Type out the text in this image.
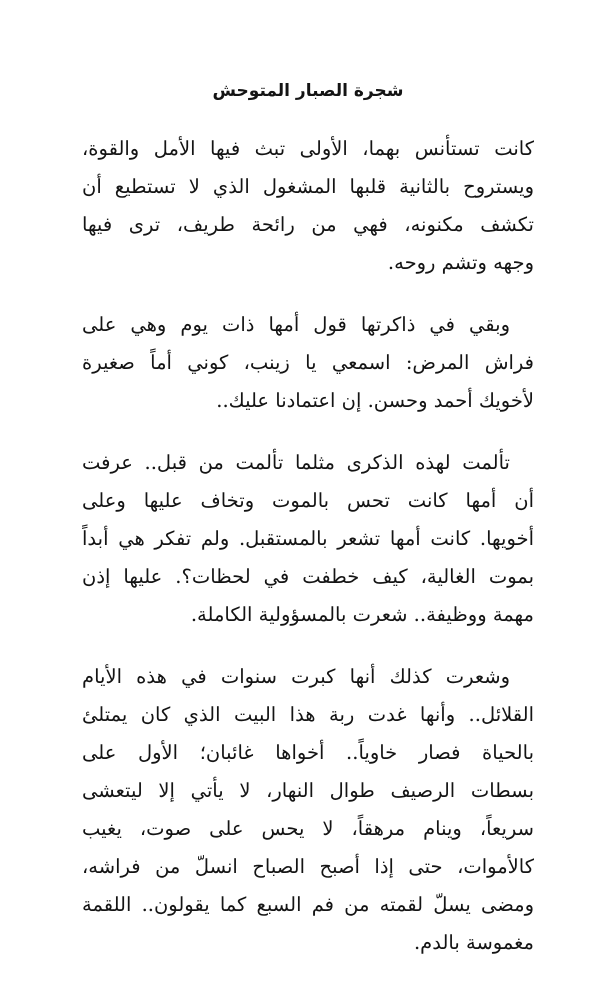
شجرة الصبار المتوحش

كانت تستأنس بهما، الأولى تبث فيها الأمل والقوة،
ويستروح بالثانية قلبها المشغول الذي لا تستطيع أن
تكشف مكنونه، فهي من رائحة طريف، ترى فيها
وجهه وتشم روحه.

وبقي في ذاكرتها قول أمها ذات يوم وهي على
فراش المرض: اسمعي يا زينب، كوني أماً صغيرة
لأخويك أحمد وحسن. إن اعتمادنا عليك..

تألمت لهذه الذكرى مثلما تألمت من قبل.. عرفت
أن أمها كانت تحس بالموت وتخاف عليها وعلى
أخويها. كانت أمها تشعر بالمستقبل. ولم تفكر هي أبداً
بموت الغالية، كيف خطفت في لحظات؟. عليها إذن
مهمة ووظيفة.. شعرت بالمسؤولية الكاملة.

وشعرت كذلك أنها كبرت سنوات في هذه الأيام
القلائل.. وأنها غدت ربة هذا البيت الذي كان يمتلئ
بالحياة فصار خاوياً.. أخواها غائبان؛ الأول على
بسطات الرصيف طوال النهار، لا يأتي إلا ليتعشى
سريعاً، وينام مرهقاً، لا يحس على صوت، يغيب
كالأموات، حتى إذا أصبح الصباح انسلّ من فراشه،
ومضى يسلّ لقمته من فم السبع كما يقولون.. اللقمة
مغموسة بالدم.
